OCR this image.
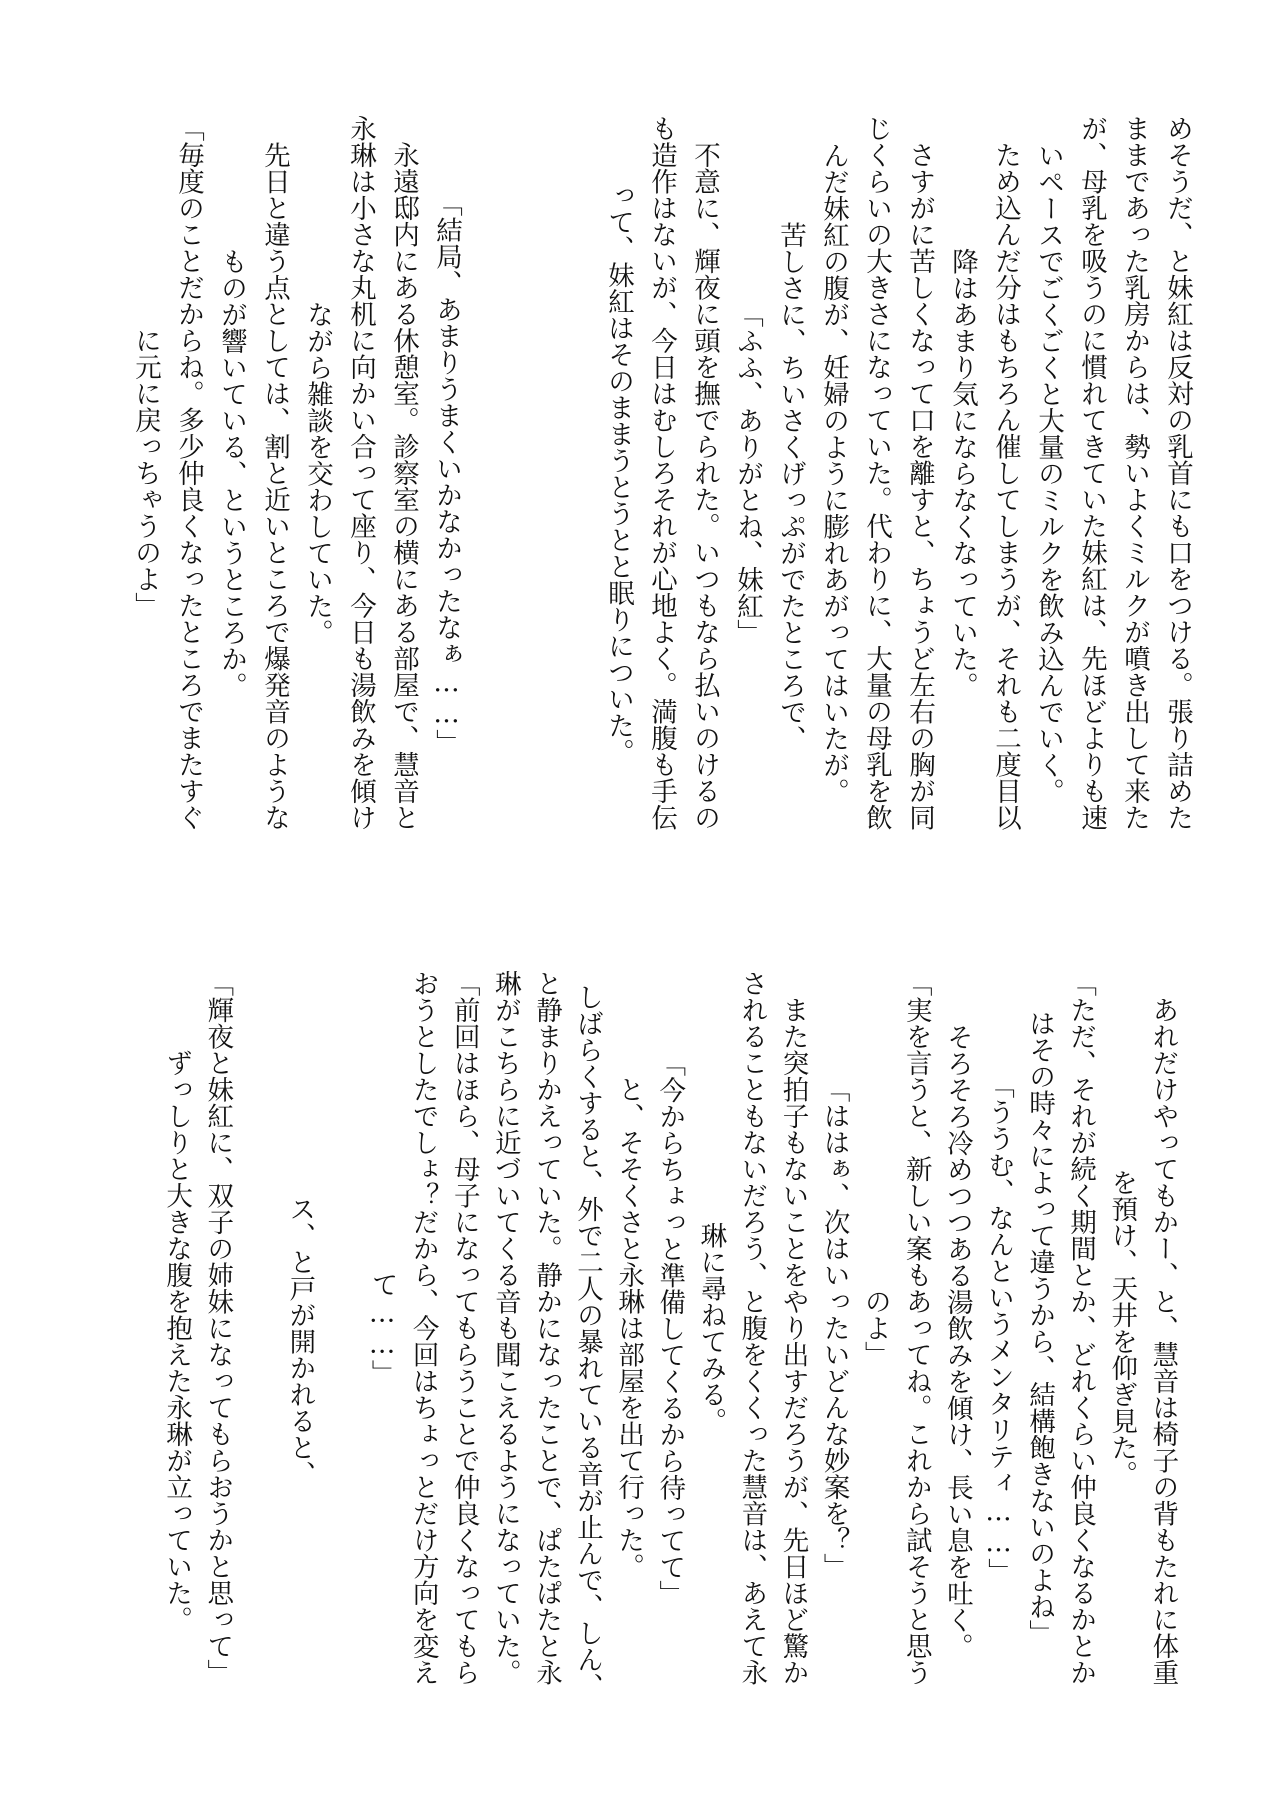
めそうだ、と妹紅は反対の乳首にも口をつける。張り詰めた
ままであった乳房からは、勢いよくミルクが噴き出して来た
が、母乳を吸うのに慣れてきていた妹紅は、先ほどよりも速
いペースでごくごくと大量のミルクを飲み込んでいく。
　ため込んだ分はもちろん催してしまうが、それも二度目以
降はあまり気にならなくなっていた。
　さすがに苦しくなって口を離すと、ちょうど左右の胸が同
じくらいの大きさになっていた。代わりに、大量の母乳を飲
んだ妹紅の腹が、妊婦のように膨れあがってはいたが。
　苦しさに、ちいさくげっぷがでたところで、
「ふふ、ありがとね、妹紅」
　不意に、輝夜に頭を撫でられた。いつもなら払いのけるの
も造作はないが、今日はむしろそれが心地よく。満腹も手伝
って、妹紅はそのままうとうとと眠りについた。
「結局、あまりうまくいかなかったなぁ……」
　永遠邸内にある休憩室。診察室の横にある部屋で、慧音と
永琳は小さな丸机に向かい合って座り、今日も湯飲みを傾け
ながら雑談を交わしていた。
　先日と違う点としては、割と近いところで爆発音のような
ものが響いている、というところか。
「毎度のことだからね。多少仲良くなったところでまたすぐ
に元に戻っちゃうのよ」
　あれだけやってもかー、と、慧音は椅子の背もたれに体重
を預け、天井を仰ぎ見た。
「ただ、それが続く期間とか、どれくらい仲良くなるかとか
はその時々によって違うから、結構飽きないのよね」
「ううむ、なんというメンタリティ……」
　そろそろ冷めつつある湯飲みを傾け、長い息を吐く。
「実を言うと、新しい案もあってね。これから試そうと思う
のよ」
「ははぁ、次はいったいどんな妙案を？」
　また突拍子もないことをやり出すだろうが、先日ほど驚か
されることもないだろう、と腹をくくった慧音は、あえて永
琳に尋ねてみる。
「今からちょっと準備してくるから待ってて」
と、そそくさと永琳は部屋を出て行った。
　しばらくすると、外で二人の暴れている音が止んで、しん、
と静まりかえっていた。静かになったことで、ぱたぱたと永
琳がこちらに近づいてくる音も聞こえるようになっていた。
「前回はほら、母子になってもらうことで仲良くなってもら
おうとしたでしょ？だから、今回はちょっとだけ方向を変え
て……」
　ス、と戸が開かれると、
「輝夜と妹紅に、双子の姉妹になってもらおうかと思って」
　ずっしりと大きな腹を抱えた永琳が立っていた。
